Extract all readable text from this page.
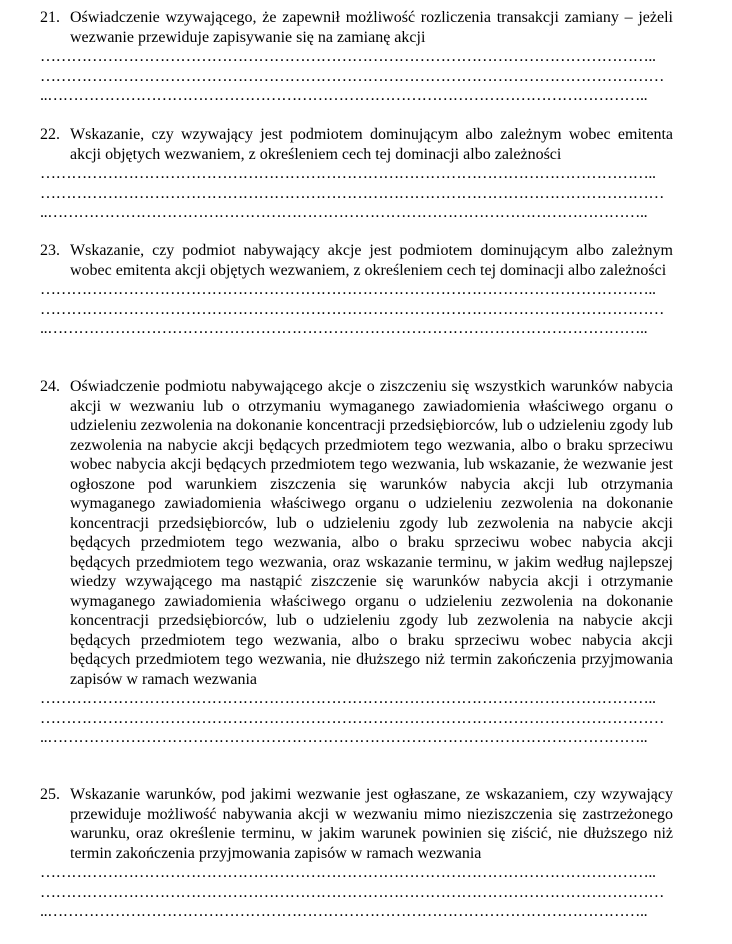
21. Oświadczenie wzywającego, że zapewnił możliwość rozliczenia transakcji zamiany – jeżeli wezwanie przewiduje zapisywanie się na zamianę akcji
………………………………………………………………………………………………………..
…………………………………………………………………………………………………………
..……………………………………………………………………………………………………..
22. Wskazanie, czy wzywający jest podmiotem dominującym albo zależnym wobec emitenta akcji objętych wezwaniem, z określeniem cech tej dominacji albo zależności
………………………………………………………………………………………………………..
…………………………………………………………………………………………………………
..……………………………………………………………………………………………………..
23. Wskazanie, czy podmiot nabywający akcje jest podmiotem dominującym albo zależnym wobec emitenta akcji objętych wezwaniem, z określeniem cech tej dominacji albo zależności
………………………………………………………………………………………………………..
…………………………………………………………………………………………………………
..……………………………………………………………………………………………………..
24. Oświadczenie podmiotu nabywającego akcje o ziszczeniu się wszystkich warunków nabycia akcji w wezwaniu lub o otrzymaniu wymaganego zawiadomienia właściwego organu o udzieleniu zezwolenia na dokonanie koncentracji przedsiębiorców, lub o udzieleniu zgody lub zezwolenia na nabycie akcji będących przedmiotem tego wezwania, albo o braku sprzeciwu wobec nabycia akcji będących przedmiotem tego wezwania, lub wskazanie, że wezwanie jest ogłoszone pod warunkiem ziszczenia się warunków nabycia akcji lub otrzymania wymaganego zawiadomienia właściwego organu o udzieleniu zezwolenia na dokonanie koncentracji przedsiębiorców, lub o udzieleniu zgody lub zezwolenia na nabycie akcji będących przedmiotem tego wezwania, albo o braku sprzeciwu wobec nabycia akcji będących przedmiotem tego wezwania, oraz wskazanie terminu, w jakim według najlepszej wiedzy wzywającego ma nastąpić ziszczenie się warunków nabycia akcji i otrzymanie wymaganego zawiadomienia właściwego organu o udzieleniu zezwolenia na dokonanie koncentracji przedsiębiorców, lub o udzieleniu zgody lub zezwolenia na nabycie akcji będących przedmiotem tego wezwania, albo o braku sprzeciwu wobec nabycia akcji będących przedmiotem tego wezwania, nie dłuższego niż termin zakończenia przyjmowania zapisów w ramach wezwania
………………………………………………………………………………………………………..
…………………………………………………………………………………………………………
..……………………………………………………………………………………………………..
25. Wskazanie warunków, pod jakimi wezwanie jest ogłaszane, ze wskazaniem, czy wzywający przewiduje możliwość nabywania akcji w wezwaniu mimo nieziszczenia się zastrzeżonego warunku, oraz określenie terminu, w jakim warunek powinien się ziścić, nie dłuższego niż termin zakończenia przyjmowania zapisów w ramach wezwania
………………………………………………………………………………………………………..
…………………………………………………………………………………………………………
..……………………………………………………………………………………………………..
